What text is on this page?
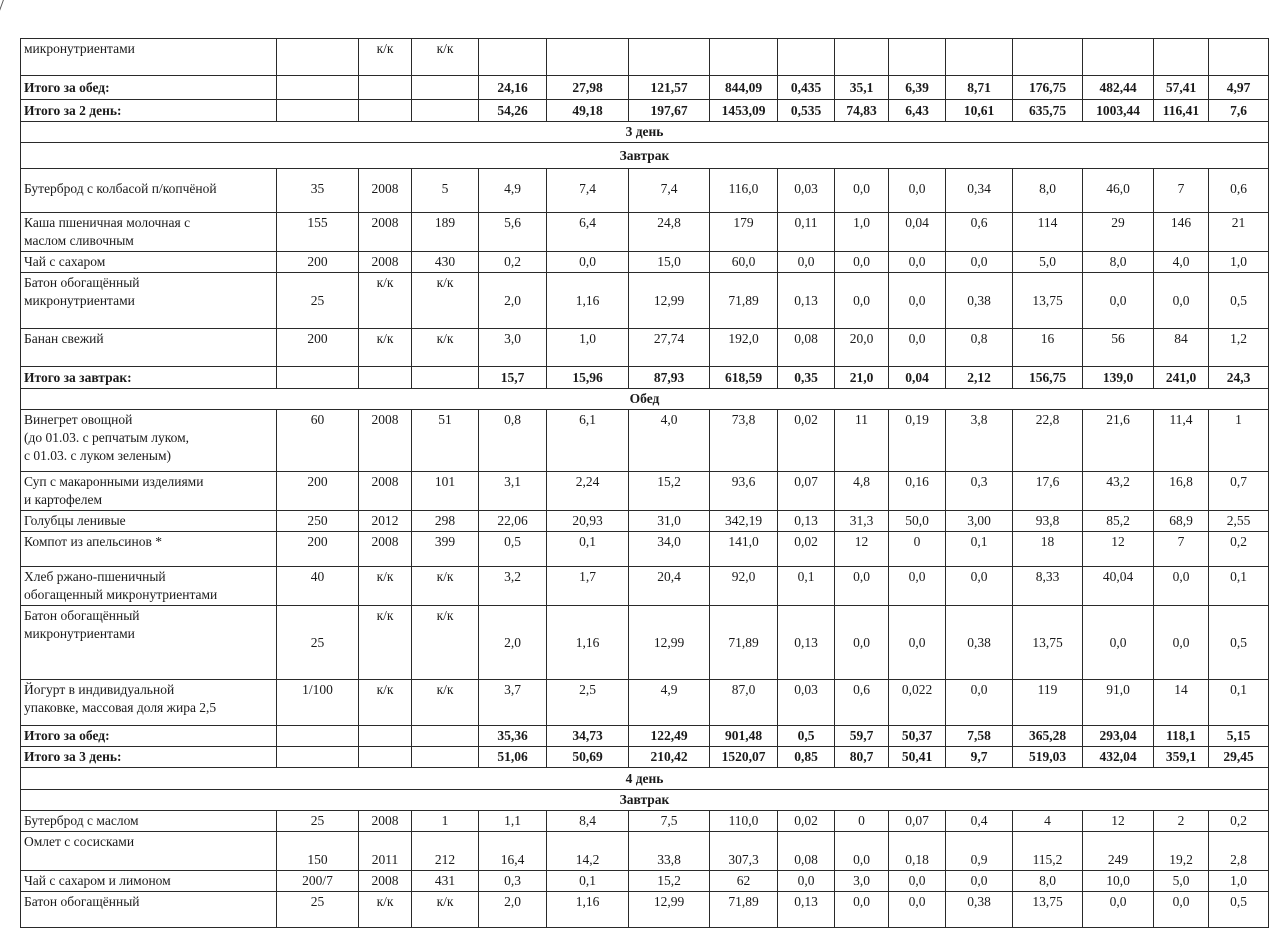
микронутриентами		к/к	к/к												
Итого за обед:				24,16	27,98	121,57	844,09	0,435	35,1	6,39	8,71	176,75	482,44	57,41	4,97
Итого за 2 день:				54,26	49,18	197,67	1453,09	0,535	74,83	6,43	10,61	635,75	1003,44	116,41	7,6
3 день															
Завтрак															
Бутерброд с колбасой п/копчёной	35	2008	5	4,9	7,4	7,4	116,0	0,03	0,0	0,0	0,34	8,0	46,0	7	0,6
Каша пшеничная молочная с
маслом сливочным	155	2008	189	5,6	6,4	24,8	179	0,11	1,0	0,04	0,6	114	29	146	21
Чай с сахаром	200	2008	430	0,2	0,0	15,0	60,0	0,0	0,0	0,0	0,0	5,0	8,0	4,0	1,0
Батон обогащённый
микронутриентами	25	к/к	к/к	2,0	1,16	12,99	71,89	0,13	0,0	0,0	0,38	13,75	0,0	0,0	0,5
Банан свежий	200	к/к	к/к	3,0	1,0	27,74	192,0	0,08	20,0	0,0	0,8	16	56	84	1,2
Итого за завтрак:				15,7	15,96	87,93	618,59	0,35	21,0	0,04	2,12	156,75	139,0	241,0	24,3
Обед															
Винегрет овощной
(до 01.03. с репчатым луком,
с 01.03. с луком зеленым)	60	2008	51	0,8	6,1	4,0	73,8	0,02	11	0,19	3,8	22,8	21,6	11,4	1
Суп с макаронными изделиями
и картофелем	200	2008	101	3,1	2,24	15,2	93,6	0,07	4,8	0,16	0,3	17,6	43,2	16,8	0,7
Голубцы ленивые	250	2012	298	22,06	20,93	31,0	342,19	0,13	31,3	50,0	3,00	93,8	85,2	68,9	2,55
Компот из апельсинов *	200	2008	399	0,5	0,1	34,0	141,0	0,02	12	0	0,1	18	12	7	0,2
Хлеб ржано-пшеничный
обогащенный микронутриентами	40	к/к	к/к	3,2	1,7	20,4	92,0	0,1	0,0	0,0	0,0	8,33	40,04	0,0	0,1
Батон обогащённый
микронутриентами	25	к/к	к/к	2,0	1,16	12,99	71,89	0,13	0,0	0,0	0,38	13,75	0,0	0,0	0,5
Йогурт в индивидуальной
упаковке, массовая доля жира 2,5	1/100	к/к	к/к	3,7	2,5	4,9	87,0	0,03	0,6	0,022	0,0	119	91,0	14	0,1
Итого за обед:				35,36	34,73	122,49	901,48	0,5	59,7	50,37	7,58	365,28	293,04	118,1	5,15
Итого за 3 день:				51,06	50,69	210,42	1520,07	0,85	80,7	50,41	9,7	519,03	432,04	359,1	29,45
4 день															
Завтрак															
Бутерброд с маслом	25	2008	1	1,1	8,4	7,5	110,0	0,02	0	0,07	0,4	4	12	2	0,2
Омлет с сосисками	150	2011	212	16,4	14,2	33,8	307,3	0,08	0,0	0,18	0,9	115,2	249	19,2	2,8
Чай с сахаром и лимоном	200/7	2008	431	0,3	0,1	15,2	62	0,0	3,0	0,0	0,0	8,0	10,0	5,0	1,0
Батон обогащённый	25	к/к	к/к	2,0	1,16	12,99	71,89	0,13	0,0	0,0	0,38	13,75	0,0	0,0	0,5
